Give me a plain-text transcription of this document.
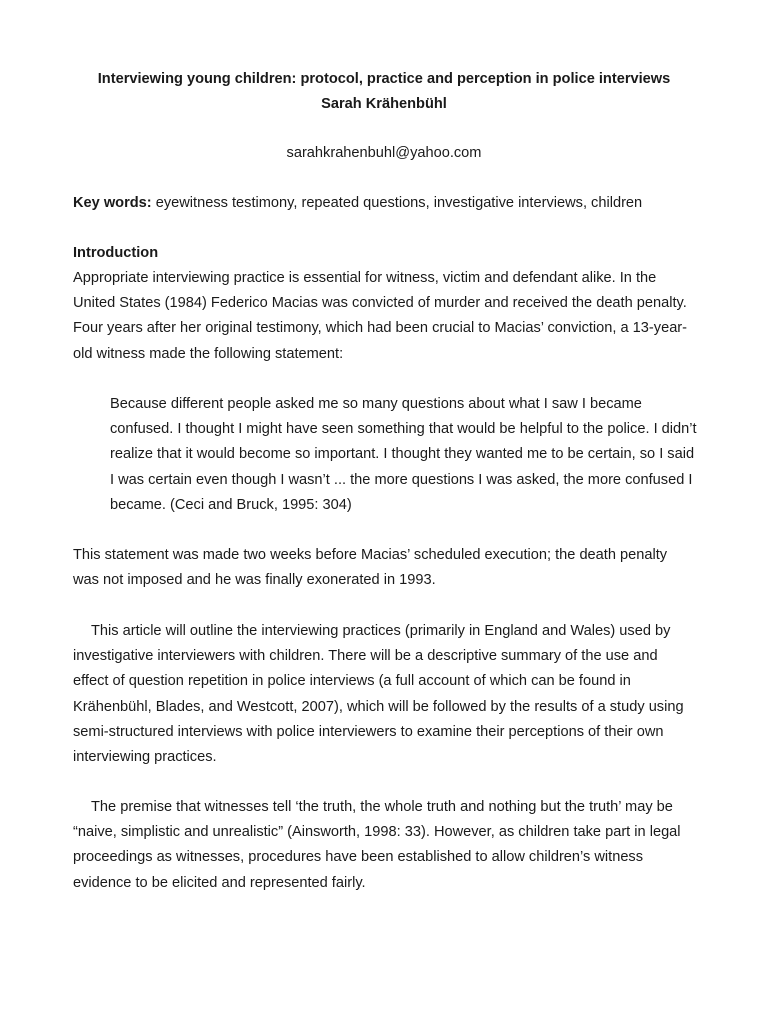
Interviewing young children: protocol, practice and perception in police interviews
Sarah Krähenbühl
sarahkrahenbuhl@yahoo.com
Key words: eyewitness testimony, repeated questions, investigative interviews, children
Introduction

Appropriate interviewing practice is essential for witness, victim and defendant alike. In the United States (1984) Federico Macias was convicted of murder and received the death penalty. Four years after her original testimony, which had been crucial to Macias’ conviction, a 13-year-old witness made the following statement:

Because different people asked me so many questions about what I saw I became confused. I thought I might have seen something that would be helpful to the police. I didn’t realize that it would become so important. I thought they wanted me to be certain, so I said I was certain even though I wasn’t ... the more questions I was asked, the more confused I became. (Ceci and Bruck, 1995: 304)

This statement was made two weeks before Macias’ scheduled execution; the death penalty was not imposed and he was finally exonerated in 1993.

This article will outline the interviewing practices (primarily in England and Wales) used by investigative interviewers with children. There will be a descriptive summary of the use and effect of question repetition in police interviews (a full account of which can be found in Krähenbühl, Blades, and Westcott, 2007), which will be followed by the results of a study using semi-structured interviews with police interviewers to examine their perceptions of their own interviewing practices.

The premise that witnesses tell ‘the truth, the whole truth and nothing but the truth’ may be “naive, simplistic and unrealistic” (Ainsworth, 1998: 33). However, as children take part in legal proceedings as witnesses, procedures have been established to allow children’s witness evidence to be elicited and represented fairly.
